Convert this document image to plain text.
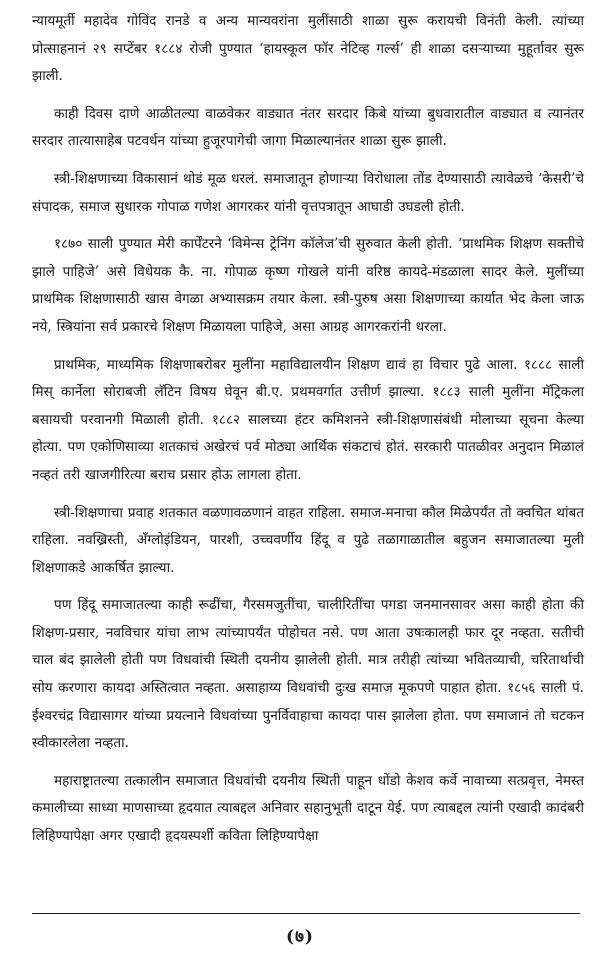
न्यायमूर्ती महादेव गोविंद रानडे व अन्य मान्यवरांना मुलींसाठी शाळा सुरू करायची विनंती केली. त्यांच्या प्रोत्साहनानं २९ सप्टेंबर १८८४ रोजी पुण्यात ‘हायस्कूल फॉर नेटिव्ह गर्ल्स’ ही शाळा दसऱ्याच्या मुहूर्तावर सुरू झाली.

काही दिवस दाणे आळीतल्या वाळवेकर वाड्यात नंतर सरदार किबे यांच्या बुधवारातील वाड्यात व त्यानंतर सरदार तात्यासाहेब पटवर्धन यांच्या हुजूरपागेची जागा मिळाल्यानंतर शाळा सुरू झाली.

स्त्री-शिक्षणाच्या विकासानं थोडं मूळ धरलं. समाजातून होणाऱ्या विरोधाला तोंड देण्यासाठी त्यावेळचे ‘केसरी’चे संपादक, समाज सुधारक गोपाळ गणेश आगरकर यांनी वृत्तपत्रातून आघाडी उघडली होती.

१८७० साली पुण्यात मेरी कार्पेंटरने ‘विमेन्स ट्रेनिंग कॉलेज’ची सुरुवात केली होती. ‘प्राथमिक शिक्षण सक्तीचे झाले पाहिजे’ असे विधेयक कै. ना. गोपाळ कृष्ण गोखले यांनी वरिष्ठ कायदे-मंडळाला सादर केले. मुलींच्या प्राथमिक शिक्षणासाठी खास वेगळा अभ्यासक्रम तयार केला. स्त्री-पुरुष असा शिक्षणाच्या कार्यात भेद केला जाऊ नये, स्त्रियांना सर्व प्रकारचे शिक्षण मिळायला पाहिजे, असा आग्रह आगरकरांनी धरला.

प्राथमिक, माध्यमिक शिक्षणाबरोबर मुलींना महाविद्यालयीन शिक्षण द्यावं हा विचार पुढे आला. १८८८ साली मिस् कार्नेला सोराबजी लॅटिन विषय घेवून बी.ए. प्रथमवर्गात उत्तीर्ण झाल्या. १८८३ साली मुलींना मॅट्रिकला बसायची परवानगी मिळाली होती. १८८२ सालच्या हंटर कमिशनने स्त्री-शिक्षणासंबंधी मोलाच्या सूचना केल्या होत्या. पण एकोणिसाव्या शतकाचं अखेरचं पर्व मोठ्या आर्थिक संकटाचं होतं. सरकारी पातळीवर अनुदान मिळालं नव्हतं तरी खाजगीरित्या बराच प्रसार होऊ लागला होता.

स्त्री-शिक्षणाचा प्रवाह शतकात वळणावळणानं वाहत राहिला. समाज-मनाचा कौल मिळेपर्यंत तो क्वचित थांबत राहिला. नवख्रिस्ती, अँग्लोइंडियन, पारशी, उच्चवर्णीय हिंदू व पुढे तळागाळातील बहुजन समाजातल्या मुली शिक्षणाकडे आकर्षित झाल्या.

पण हिंदू समाजातल्या काही रूढींचा, गैरसमजुतींचा, चालीरितींचा पगडा जनमानसावर असा काही होता की शिक्षण-प्रसार, नवविचार यांचा लाभ त्यांच्यापर्यंत पोहोचत नसे. पण आता उषःकालही फार दूर नव्हता. सतीची चाल बंद झालेली होती पण विधवांची स्थिती दयनीय झालेली होती. मात्र तरीही त्यांच्या भवितव्याची, चरितार्थाची सोय करणारा कायदा अस्तित्वात नव्हता. असाहाय्य विधवांची दुःख समाज मूकपणे पाहात होता. १८५६ साली पं. ईश्वरचंद्र विद्यासागर यांच्या प्रयत्नाने विधवांच्या पुनर्विवाहाचा कायदा पास झालेला होता. पण समाजानं तो चटकन स्वीकारलेला नव्हता.

महाराष्ट्रातल्या तत्कालीन समाजात विधवांची दयनीय स्थिती पाहून धोंडो केशव कर्वे नावाच्या सत्प्रवृत्त, नेमस्त कमालीच्या साध्या माणसाच्या हृदयात त्याबद्दल अनिवार सहानुभूती दाटून येई. पण त्याबद्दल त्यांनी एखादी कादंबरी लिहिण्यापेक्षा अगर एखादी हृदयस्पर्शी कविता लिहिण्यापेक्षा

(७)
